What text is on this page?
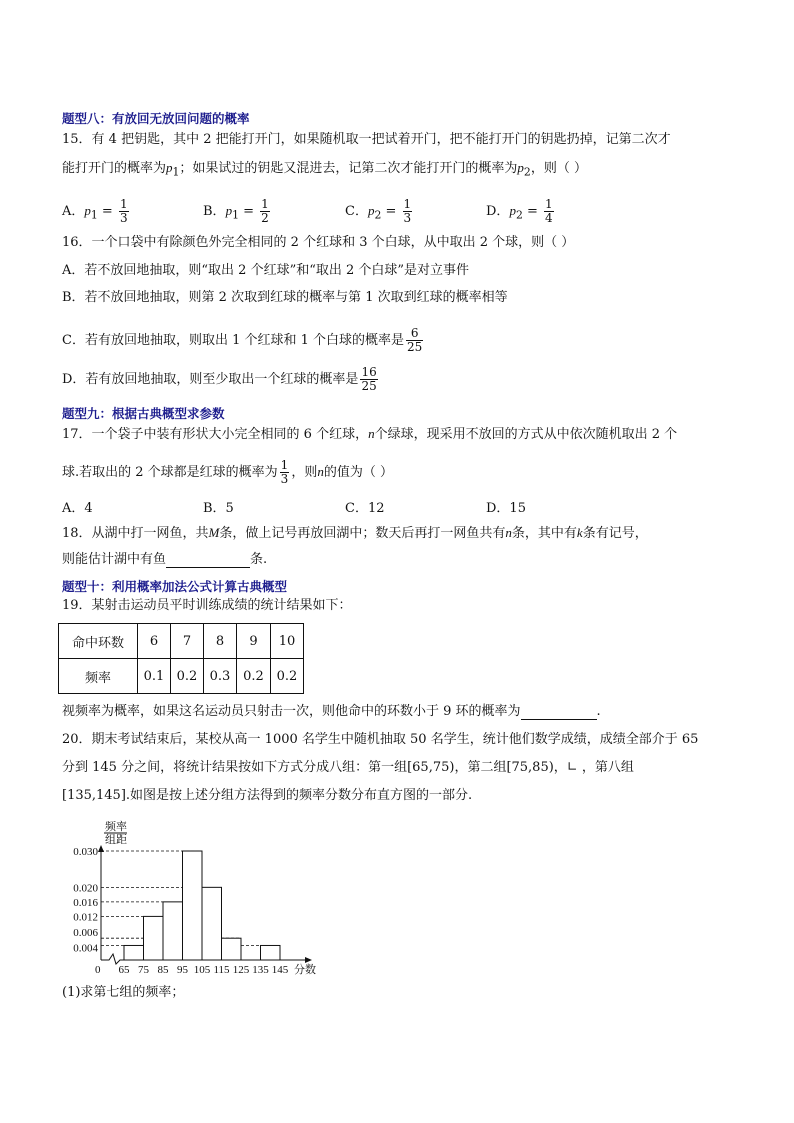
题型八：有放回无放回问题的概率
15．有 4 把钥匙，其中 2 把能打开门，如果随机取一把试着开门，把不能打开门的钥匙扔掉，记第二次才
能打开门的概率为$p_1$；如果试过的钥匙又混进去，记第二次才能打开门的概率为$p_2$，则（ ）
A．$p_1 = \frac{1}{3}$	B．$p_1 = \frac{1}{2}$	C．$p_2 = \frac{1}{3}$	D．$p_2 = \frac{1}{4}$
16．一个口袋中有除颜色外完全相同的 2 个红球和 3 个白球，从中取出 2 个球，则（ ）
A．若不放回地抽取，则“取出 2 个红球”和“取出 2 个白球”是对立事件
B．若不放回地抽取，则第 2 次取到红球的概率与第 1 次取到红球的概率相等
C．若有放回地抽取，则取出 1 个红球和 1 个白球的概率是 $\frac{6}{25}$
D．若有放回地抽取，则至少取出一个红球的概率是 $\frac{16}{25}$
题型九：根据古典概型求参数
17．一个袋子中装有形状大小完全相同的 6 个红球，n个绿球，现采用不放回的方式从中依次随机取出 2 个
球.若取出的 2 个球都是红球的概率为 $\frac{1}{3}$ ，则n的值为（ ）
A．4	B．5	C．12	D．15
18．从湖中打一网鱼，共M条，做上记号再放回湖中；数天后再打一网鱼共有n条，其中有k条有记号，
则能估计湖中有鱼	条.
题型十：利用概率加法公式计算古典概型
19．某射击运动员平时训练成绩的统计结果如下：
命中环数	6	7	8	9	10
频率	0.1	0.2	0.3	0.2	0.2
视频率为概率，如果这名运动员只射击一次，则他命中的环数小于 9 环的概率为	.
20．期末考试结束后，某校从高一 1000 名学生中随机抽取 50 名学生，统计他们数学成绩，成绩全部介于 65
分到 145 分之间，将统计结果按如下方式分成八组：第一组[65,75)，第二组[75,85)，∟ ，第八组
[135,145].如图是按上述分组方法得到的频率分数分布直方图的一部分.
频率
组距
0
0.004
0.006
0.012
0.016
0.020
0.030
65 75 85 95 105 115 125 135 145 分数
(1)求第七组的频率；
